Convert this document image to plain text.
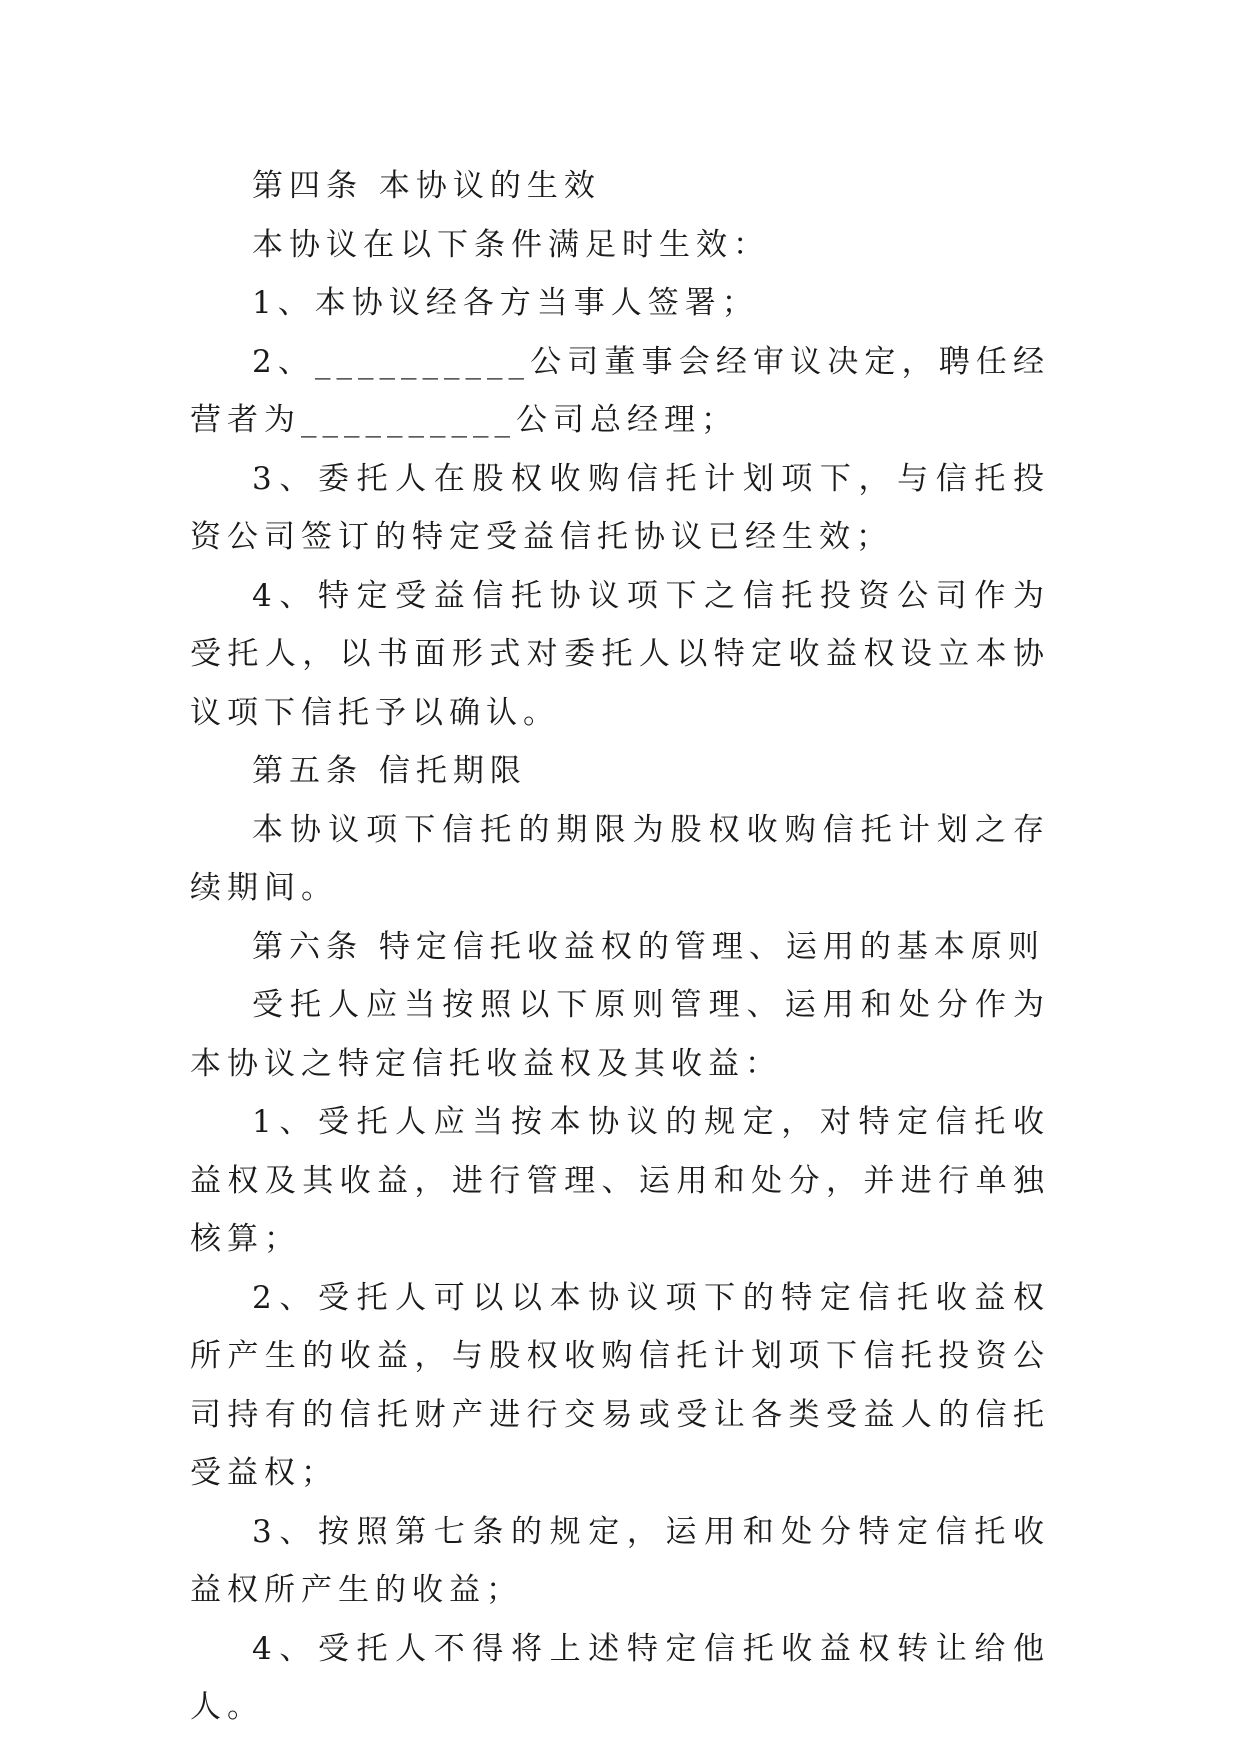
第四条 本协议的生效

本协议在以下条件满足时生效：

1、本协议经各方当事人签署；

2、__________公司董事会经审议决定，聘任经营者为__________公司总经理；

3、委托人在股权收购信托计划项下，与信托投资公司签订的特定受益信托协议已经生效；

4、特定受益信托协议项下之信托投资公司作为受托人，以书面形式对委托人以特定收益权设立本协议项下信托予以确认。

第五条 信托期限

本协议项下信托的期限为股权收购信托计划之存续期间。

第六条 特定信托收益权的管理、运用的基本原则

受托人应当按照以下原则管理、运用和处分作为本协议之特定信托收益权及其收益：

1、受托人应当按本协议的规定，对特定信托收益权及其收益，进行管理、运用和处分，并进行单独核算；

2、受托人可以以本协议项下的特定信托收益权所产生的收益，与股权收购信托计划项下信托投资公司持有的信托财产进行交易或受让各类受益人的信托受益权；

3、按照第七条的规定，运用和处分特定信托收益权所产生的收益；

4、受托人不得将上述特定信托收益权转让给他人。
